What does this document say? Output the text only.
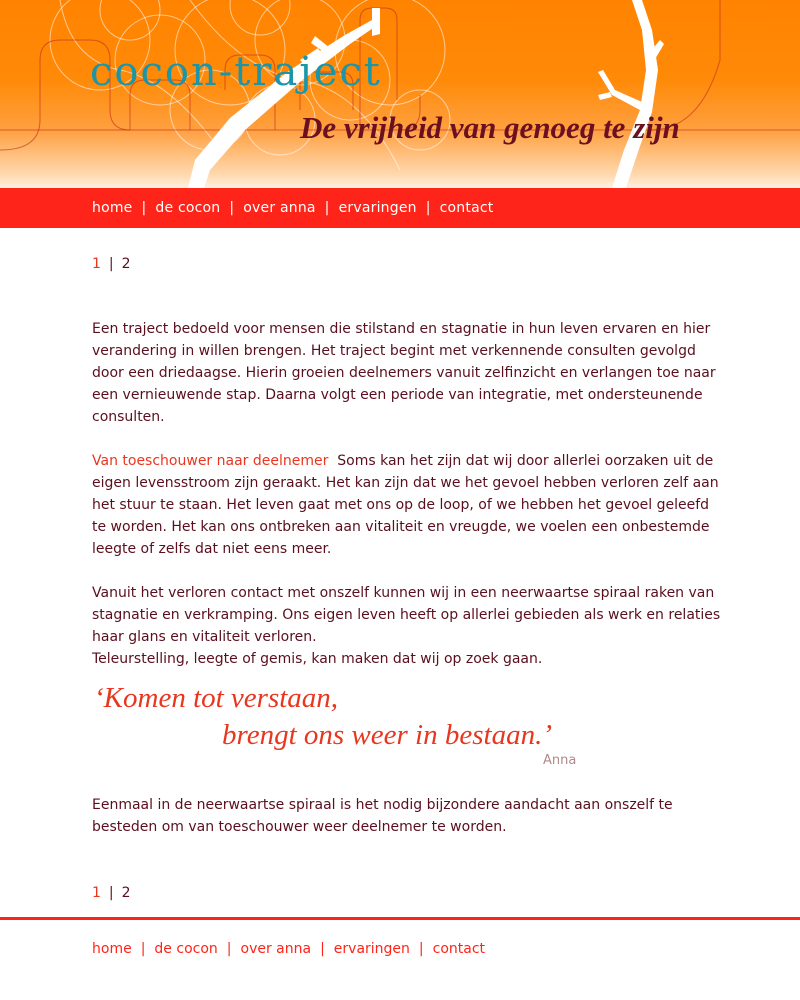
cocon-traject
De vrijheid van genoeg te zijn
home | de cocon | over anna | ervaringen | contact
1 | 2

Een traject bedoeld voor mensen die stilstand en stagnatie in hun leven ervaren en hier verandering in willen brengen. Het traject begint met verkennende consulten gevolgd door een driedaagse. Hierin groeien deelnemers vanuit zelfinzicht en verlangen toe naar een vernieuwende stap. Daarna volgt een periode van integratie, met ondersteunende consulten.

Van toeschouwer naar deelnemer Soms kan het zijn dat wij door allerlei oorzaken uit de eigen levensstroom zijn geraakt. Het kan zijn dat we het gevoel hebben verloren zelf aan het stuur te staan. Het leven gaat met ons op de loop, of we hebben het gevoel geleefd te worden. Het kan ons ontbreken aan vitaliteit en vreugde, we voelen een onbestemde leegte of zelfs dat niet eens meer.

Vanuit het verloren contact met onszelf kunnen wij in een neerwaartse spiraal raken van stagnatie en verkramping. Ons eigen leven heeft op allerlei gebieden als werk en relaties haar glans en vitaliteit verloren.

Teleurstelling, leegte of gemis, kan maken dat wij op zoek gaan.

‘Komen tot verstaan,
brengt ons weer in bestaan.’
Anna

Eenmaal in de neerwaartse spiraal is het nodig bijzondere aandacht aan onszelf te besteden om van toeschouwer weer deelnemer te worden.

1 | 2
home | de cocon | over anna | ervaringen | contact
